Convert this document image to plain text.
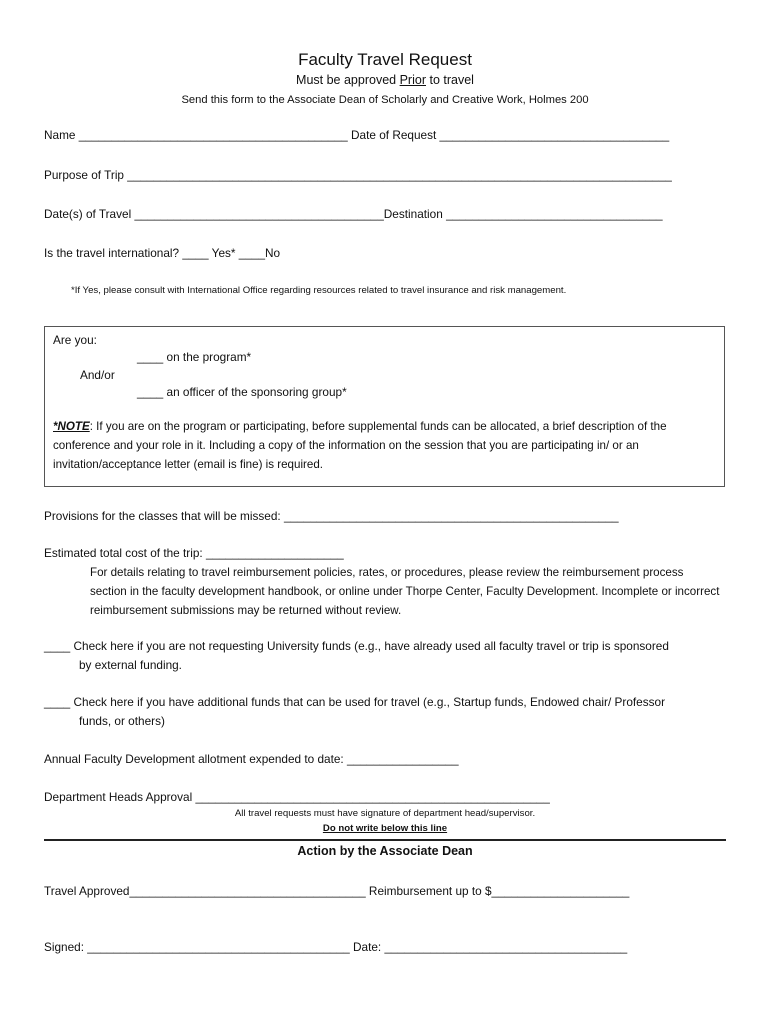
Faculty Travel Request
Must be approved Prior to travel
Send this form to the Associate Dean of Scholarly and Creative Work, Holmes 200
Name _________________________________________ Date of Request ___________________________________
Purpose of Trip ___________________________________________________________________________________
Date(s) of Travel ______________________________________Destination _________________________________
Is the travel international? ____ Yes* ____No
*If Yes, please consult with International Office regarding resources related to travel insurance and risk management.
Are you:
____ on the program*
And/or
____ an officer of the sponsoring group*
*NOTE: If you are on the program or participating, before supplemental funds can be allocated, a brief description of the conference and your role in it. Including a copy of the information on the session that you are participating in/ or an invitation/acceptance letter (email is fine) is required.
Provisions for the classes that will be missed: ___________________________________________________
Estimated total cost of the trip: _____________________
For details relating to travel reimbursement policies, rates, or procedures, please review the reimbursement process section in the faculty development handbook, or online under Thorpe Center, Faculty Development. Incomplete or incorrect reimbursement submissions may be returned without review.
____ Check here if you are not requesting University funds (e.g., have already used all faculty travel or trip is sponsored
by external funding.
____ Check here if you have additional funds that can be used for travel (e.g., Startup funds, Endowed chair/ Professor
funds, or others)
Annual Faculty Development allotment expended to date: _________________
Department Heads Approval ______________________________________________________
All travel requests must have signature of department head/supervisor.
Do not write below this line
Action by the Associate Dean
Travel Approved____________________________________ Reimbursement up to $_____________________
Signed: ________________________________________ Date: _____________________________________
